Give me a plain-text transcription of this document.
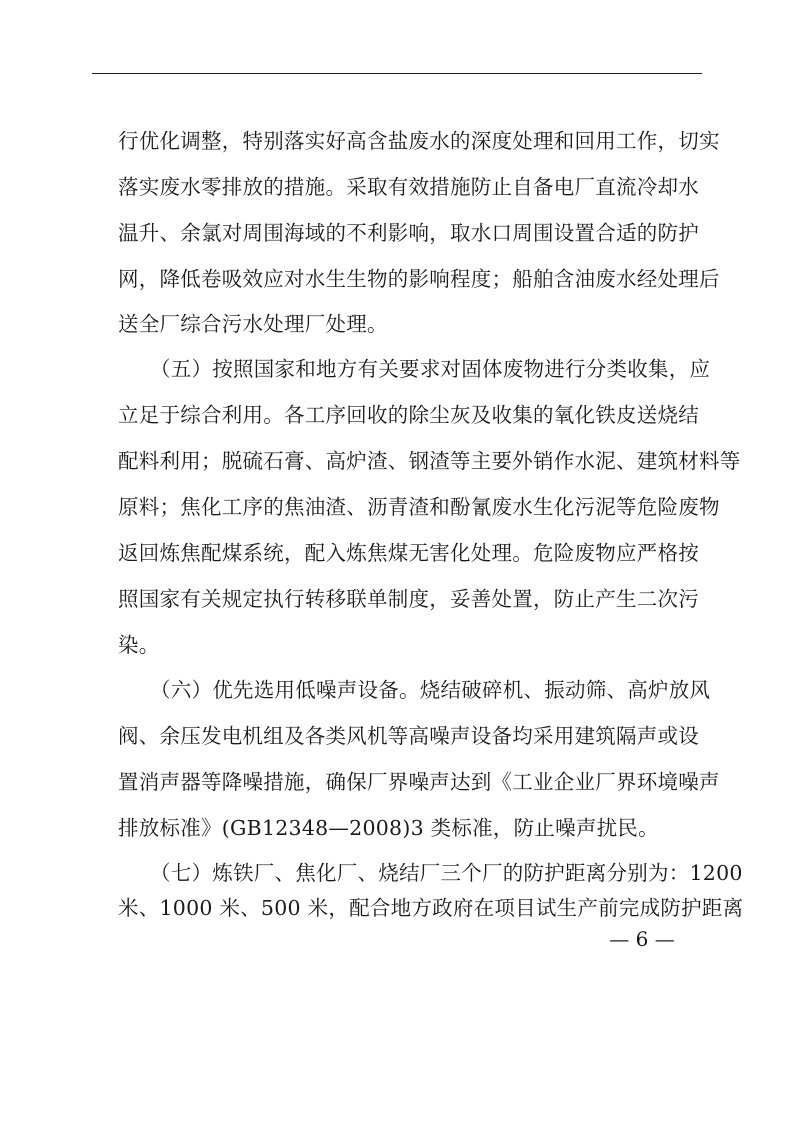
行优化调整，特别落实好高含盐废水的深度处理和回用工作，切实
落实废水零排放的措施。采取有效措施防止自备电厂直流冷却水
温升、余氯对周围海域的不利影响，取水口周围设置合适的防护
网，降低卷吸效应对水生生物的影响程度；船舶含油废水经处理后
送全厂综合污水处理厂处理。
（五）按照国家和地方有关要求对固体废物进行分类收集，应
立足于综合利用。各工序回收的除尘灰及收集的氧化铁皮送烧结
配料利用；脱硫石膏、高炉渣、钢渣等主要外销作水泥、建筑材料等
原料；焦化工序的焦油渣、沥青渣和酚氰废水生化污泥等危险废物
返回炼焦配煤系统，配入炼焦煤无害化处理。危险废物应严格按
照国家有关规定执行转移联单制度，妥善处置，防止产生二次污
染。
（六）优先选用低噪声设备。烧结破碎机、振动筛、高炉放风
阀、余压发电机组及各类风机等高噪声设备均采用建筑隔声或设
置消声器等降噪措施，确保厂界噪声达到《工业企业厂界环境噪声
排放标准》(GB12348—2008)3 类标准，防止噪声扰民。
（七）炼铁厂、焦化厂、烧结厂三个厂的防护距离分别为：1200
米、1000 米、500 米，配合地方政府在项目试生产前完成防护距离
— 6 —
